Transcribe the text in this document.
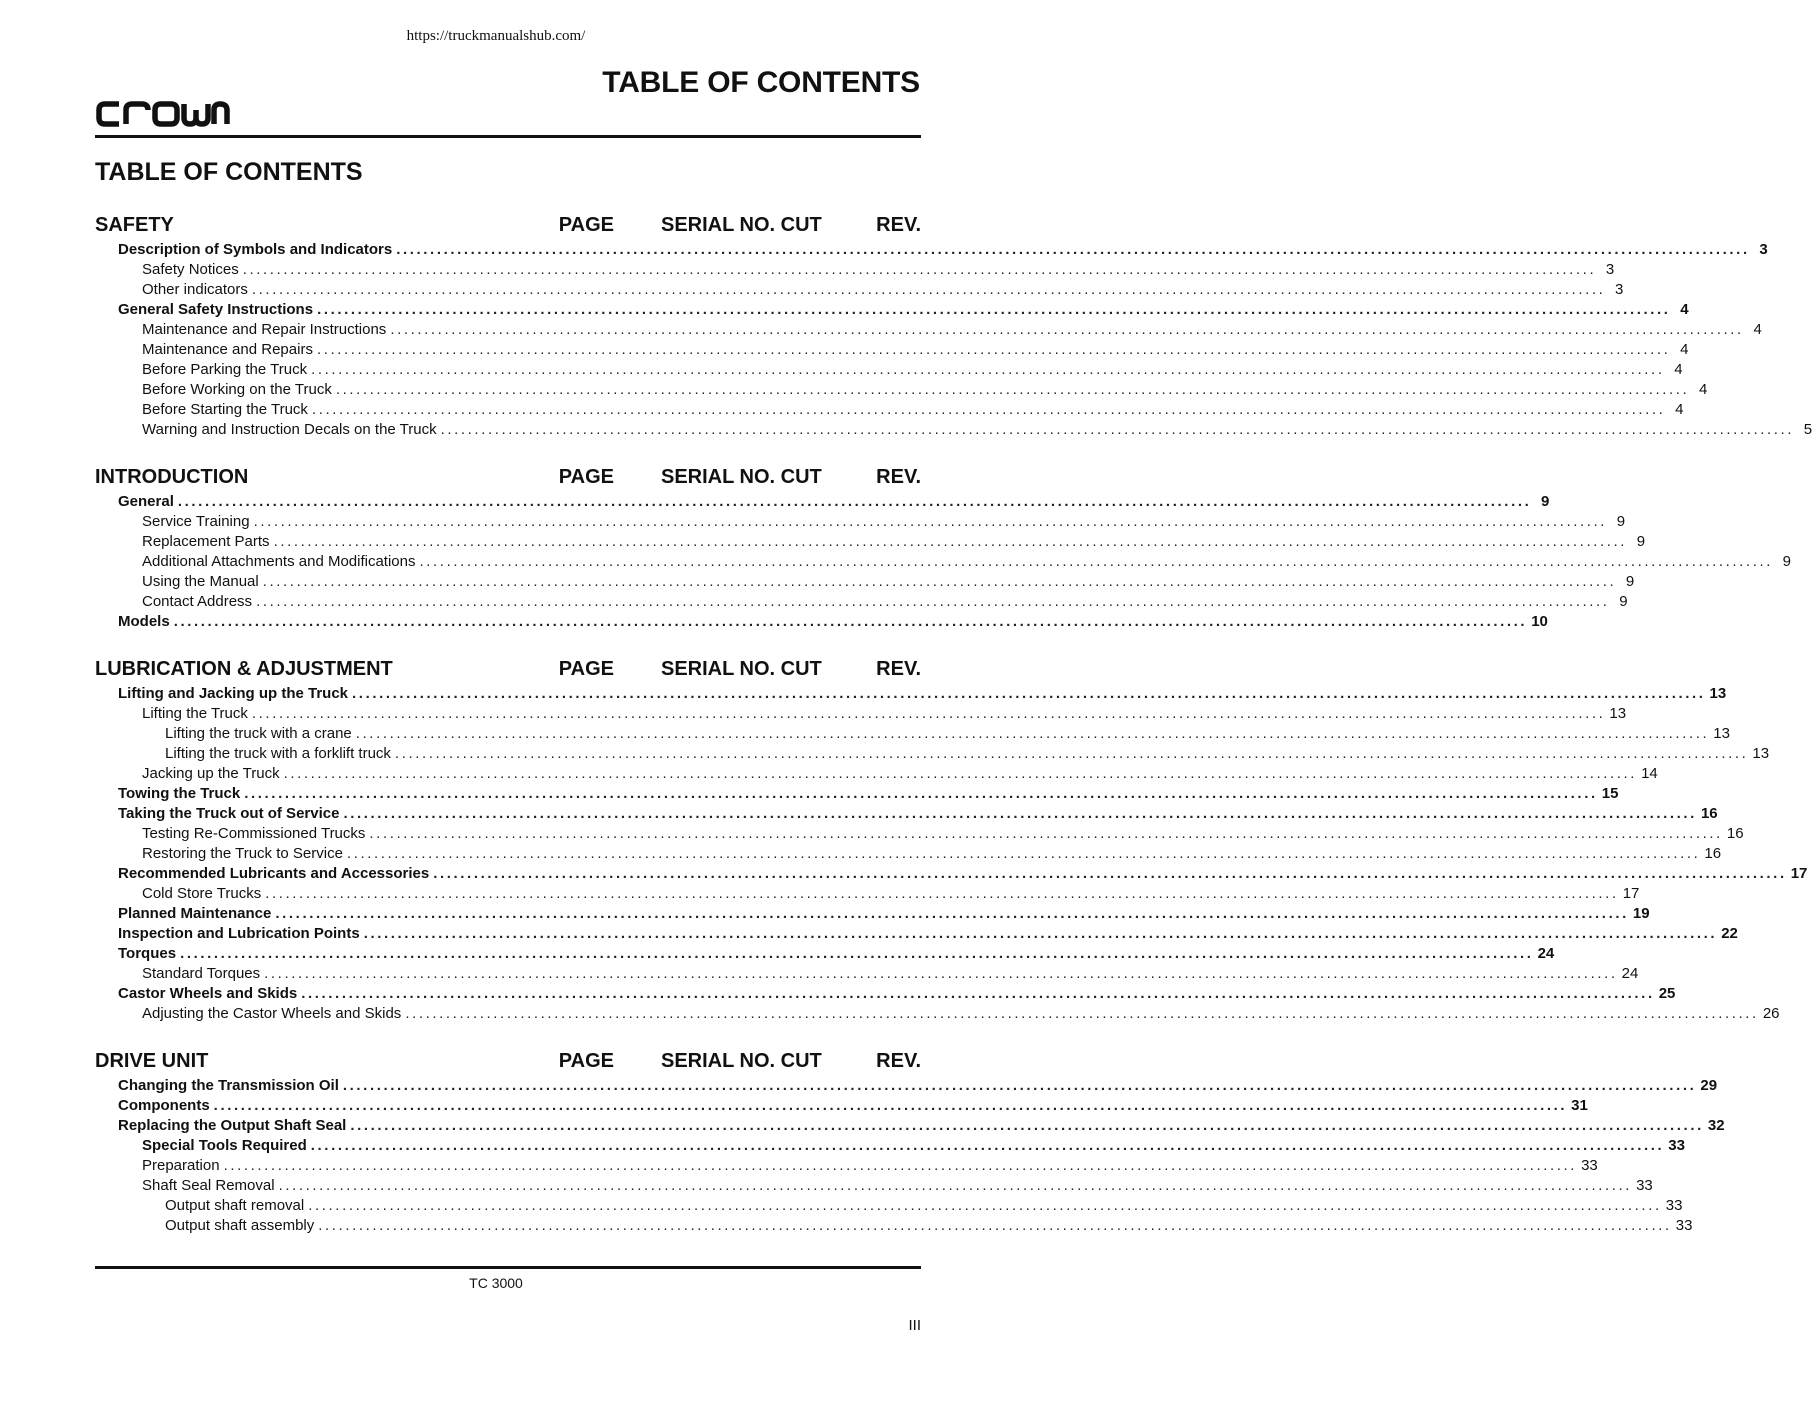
https://truckmanualshub.com/
TABLE OF CONTENTS
TABLE OF CONTENTS
SAFETY	PAGE SERIAL NO. CUT	REV.
Description of Symbols and Indicators ........................................................................................................................................................................................................ 3
Safety Notices ........................................................................................................................................................................................................ 3
Other indicators ........................................................................................................................................................................................................ 3
General Safety Instructions ........................................................................................................................................................................................................ 4
Maintenance and Repair Instructions ........................................................................................................................................................................................................ 4
Maintenance and Repairs ........................................................................................................................................................................................................ 4
Before Parking the Truck ........................................................................................................................................................................................................ 4
Before Working on the Truck ........................................................................................................................................................................................................ 4
Before Starting the Truck ........................................................................................................................................................................................................ 4
Warning and Instruction Decals on the Truck ........................................................................................................................................................................................................ 5
INTRODUCTION	PAGE SERIAL NO. CUT	REV.
General ........................................................................................................................................................................................................ 9
Service Training ........................................................................................................................................................................................................ 9
Replacement Parts ........................................................................................................................................................................................................ 9
Additional Attachments and Modifications ........................................................................................................................................................................................................ 9
Using the Manual ........................................................................................................................................................................................................ 9
Contact Address ........................................................................................................................................................................................................ 9
Models ........................................................................................................................................................................................................ 10
LUBRICATION & ADJUSTMENT	PAGE SERIAL NO. CUT	REV.
Lifting and Jacking up the Truck ........................................................................................................................................................................................................ 13
Lifting the Truck ........................................................................................................................................................................................................ 13
Lifting the truck with a crane ........................................................................................................................................................................................................ 13
Lifting the truck with a forklift truck ........................................................................................................................................................................................................ 13
Jacking up the Truck ........................................................................................................................................................................................................ 14
Towing the Truck ........................................................................................................................................................................................................ 15
Taking the Truck out of Service ........................................................................................................................................................................................................ 16
Testing Re-Commissioned Trucks ........................................................................................................................................................................................................ 16
Restoring the Truck to Service ........................................................................................................................................................................................................ 16
Recommended Lubricants and Accessories ........................................................................................................................................................................................................ 17
Cold Store Trucks ........................................................................................................................................................................................................ 17
Planned Maintenance ........................................................................................................................................................................................................ 19
Inspection and Lubrication Points ........................................................................................................................................................................................................ 22
Torques ........................................................................................................................................................................................................ 24
Standard Torques ........................................................................................................................................................................................................ 24
Castor Wheels and Skids ........................................................................................................................................................................................................ 25
Adjusting the Castor Wheels and Skids ........................................................................................................................................................................................................ 26
DRIVE UNIT	PAGE SERIAL NO. CUT	REV.
Changing the Transmission Oil ........................................................................................................................................................................................................ 29
Components ........................................................................................................................................................................................................ 31
Replacing the Output Shaft Seal ........................................................................................................................................................................................................ 32
Special Tools Required ........................................................................................................................................................................................................ 33
Preparation ........................................................................................................................................................................................................ 33
Shaft Seal Removal ........................................................................................................................................................................................................ 33
Output shaft removal ........................................................................................................................................................................................................ 33
Output shaft assembly ........................................................................................................................................................................................................ 33
TC 3000
III
